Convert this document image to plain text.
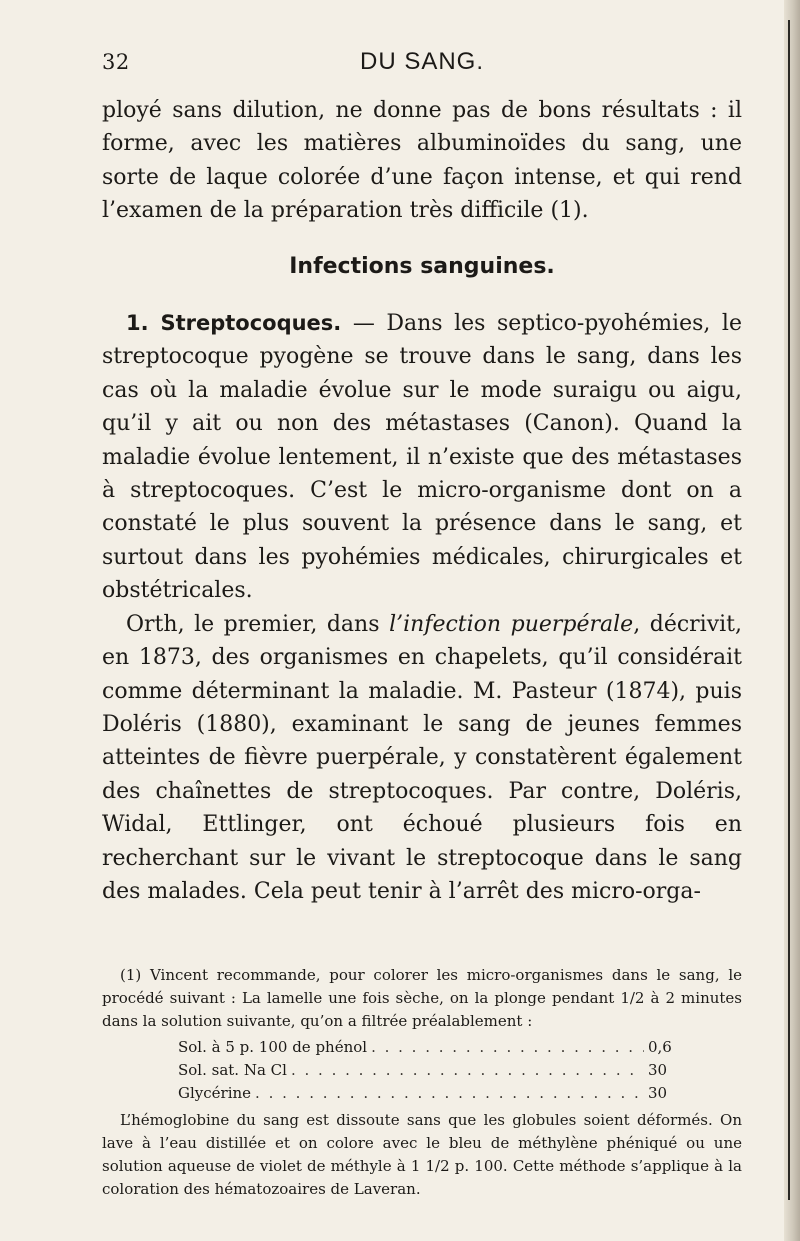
32	DU SANG.

ployé sans dilution, ne donne pas de bons résultats : il forme, avec les matières albuminoïdes du sang, une sorte de laque colorée d’une façon intense, et qui rend l’examen de la préparation très difficile (1).

Infections sanguines.

1. Streptocoques. — Dans les septico-pyohémies, le streptocoque pyogène se trouve dans le sang, dans les cas où la maladie évolue sur le mode suraigu ou aigu, qu’il y ait ou non des métastases (Canon). Quand la maladie évolue lentement, il n’existe que des métastases à streptocoques. C’est le micro-organisme dont on a constaté le plus souvent la présence dans le sang, et surtout dans les pyohémies médicales, chirurgicales et obstétricales.

Orth, le premier, dans l’infection puerpérale, décrivit, en 1873, des organismes en chapelets, qu’il considérait comme déterminant la maladie. M. Pasteur (1874), puis Doléris (1880), examinant le sang de jeunes femmes atteintes de fièvre puerpérale, y constatèrent également des chaînettes de streptocoques. Par contre, Doléris, Widal, Ettlinger, ont échoué plusieurs fois en recherchant sur le vivant le streptocoque dans le sang des malades. Cela peut tenir à l’arrêt des micro-orga-

(1) Vincent recommande, pour colorer les micro-organismes dans le sang, le procédé suivant : La lamelle une fois sèche, on la plonge pendant 1/2 à 2 minutes dans la solution suivante, qu’on a filtrée préalablement :

Sol. à 5 p. 100 de phénol . . .	0,6
Sol. sat. Na Cl . . .	30
Glycérine . . .	30

L’hémoglobine du sang est dissoute sans que les globules soient déformés. On lave à l’eau distillée et on colore avec le bleu de méthylène phéniqué ou une solution aqueuse de violet de méthyle à 1 1/2 p. 100. Cette méthode s’applique à la coloration des hématozoaires de Laveran.
